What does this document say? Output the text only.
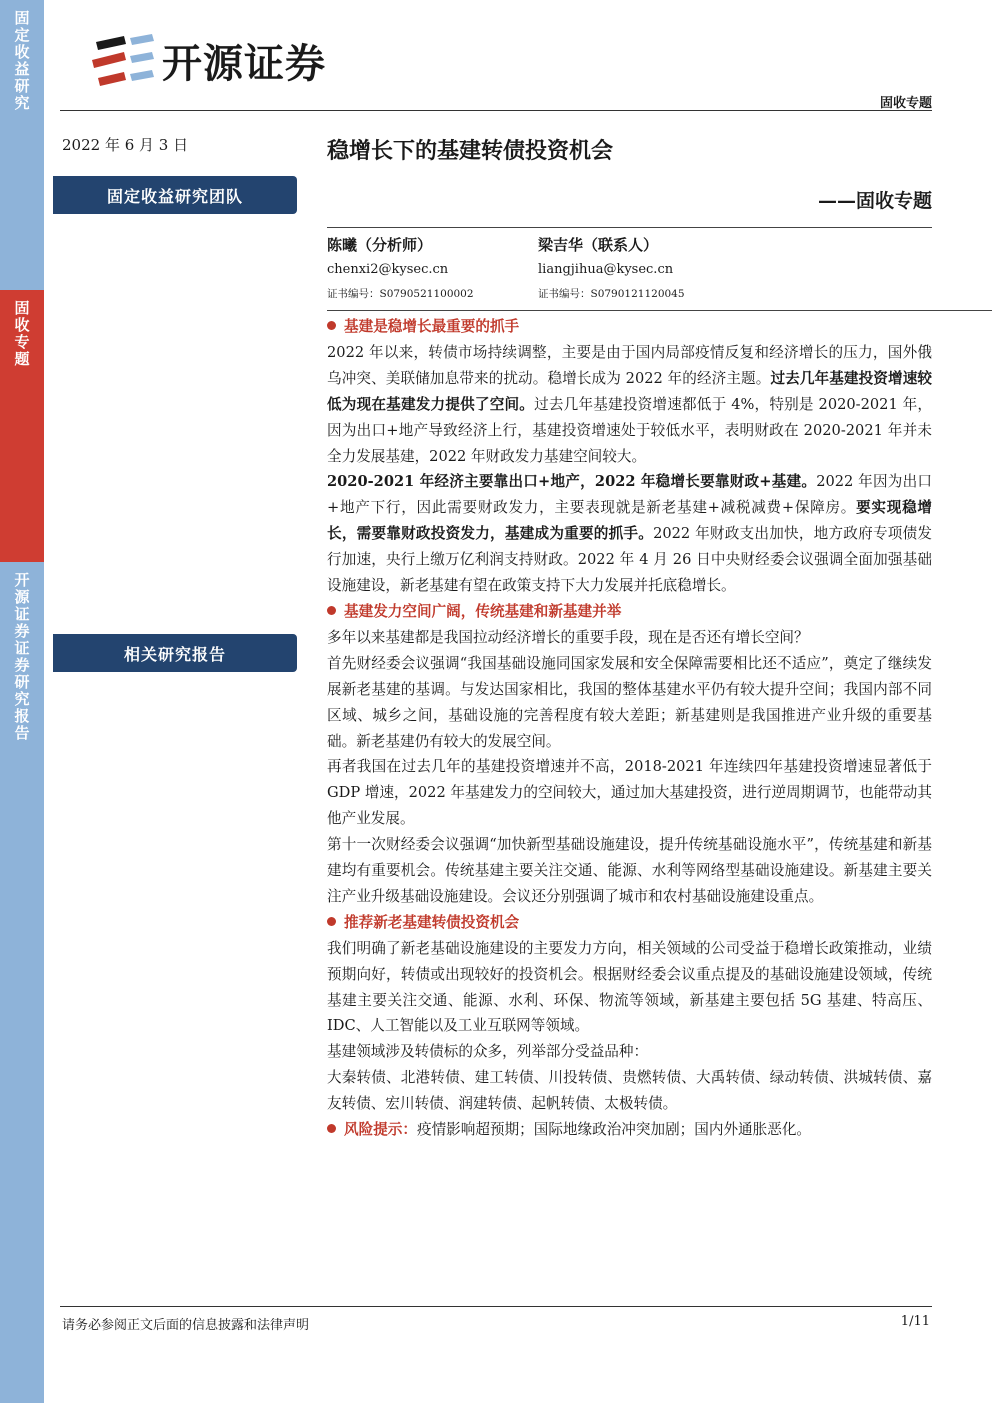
固定收益研究
固收专题
开源证券证券研究报告
开源证券
固收专题
2022 年 6 月 3 日	稳增长下的基建转债投资机会
——固收专题
固定收益研究团队
陈曦（分析师）
chenxi2@kysec.cn
证书编号：S0790521100002
梁吉华（联系人）
liangjihua@kysec.cn
证书编号：S0790121120045
相关研究报告

基建是稳增长最重要的抓手

2022 年以来，转债市场持续调整，主要是由于国内局部疫情反复和经济增长的压力，国外俄乌冲突、美联储加息带来的扰动。稳增长成为 2022 年的经济主题。过去几年基建投资增速较低为现在基建发力提供了空间。过去几年基建投资增速都低于 4%，特别是 2020-2021 年，因为出口+地产导致经济上行，基建投资增速处于较低水平，表明财政在 2020-2021 年并未全力发展基建，2022 年财政发力基建空间较大。

2020-2021 年经济主要靠出口+地产，2022 年稳增长要靠财政+基建。2022 年因为出口+地产下行，因此需要财政发力，主要表现就是新老基建+减税减费+保障房。要实现稳增长，需要靠财政投资发力，基建成为重要的抓手。2022 年财政支出加快，地方政府专项债发行加速，央行上缴万亿利润支持财政。2022 年 4 月 26 日中央财经委会议强调全面加强基础设施建设，新老基建有望在政策支持下大力发展并托底稳增长。

基建发力空间广阔，传统基建和新基建并举

多年以来基建都是我国拉动经济增长的重要手段，现在是否还有增长空间？

首先财经委会议强调“我国基础设施同国家发展和安全保障需要相比还不适应”，奠定了继续发展新老基建的基调。与发达国家相比，我国的整体基建水平仍有较大提升空间；我国内部不同区域、城乡之间，基础设施的完善程度有较大差距；新基建则是我国推进产业升级的重要基础。新老基建仍有较大的发展空间。

再者我国在过去几年的基建投资增速并不高，2018-2021 年连续四年基建投资增速显著低于 GDP 增速，2022 年基建发力的空间较大，通过加大基建投资，进行逆周期调节，也能带动其他产业发展。

第十一次财经委会议强调“加快新型基础设施建设，提升传统基础设施水平”，传统基建和新基建均有重要机会。传统基建主要关注交通、能源、水利等网络型基础设施建设。新基建主要关注产业升级基础设施建设。会议还分别强调了城市和农村基础设施建设重点。

推荐新老基建转债投资机会

我们明确了新老基础设施建设的主要发力方向，相关领域的公司受益于稳增长政策推动，业绩预期向好，转债或出现较好的投资机会。根据财经委会议重点提及的基础设施建设领域，传统基建主要关注交通、能源、水利、环保、物流等领域，新基建主要包括 5G 基建、特高压、IDC、人工智能以及工业互联网等领域。

基建领域涉及转债标的众多，列举部分受益品种：

大秦转债、北港转债、建工转债、川投转债、贵燃转债、大禹转债、绿动转债、洪城转债、嘉友转债、宏川转债、润建转债、起帆转债、太极转债。

风险提示：疫情影响超预期；国际地缘政治冲突加剧；国内外通胀恶化。

请务必参阅正文后面的信息披露和法律声明	1/11
